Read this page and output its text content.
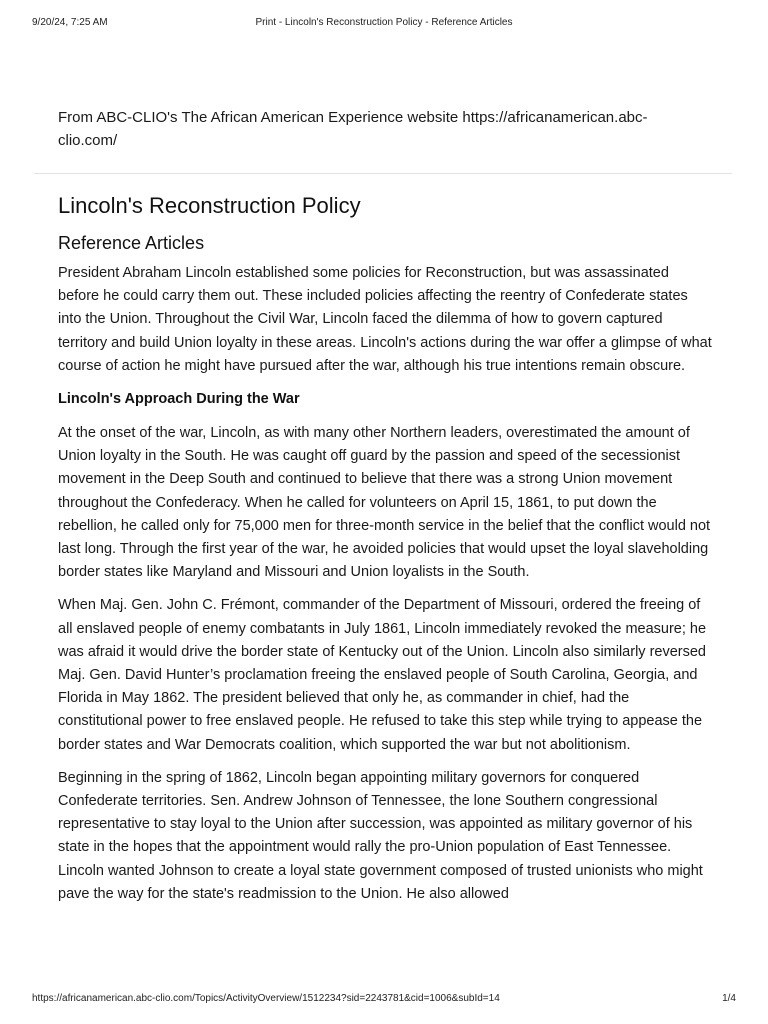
9/20/24, 7:25 AM	Print - Lincoln's Reconstruction Policy - Reference Articles
From ABC-CLIO's The African American Experience website https://africanamerican.abc-clio.com/
Lincoln's Reconstruction Policy
Reference Articles

President Abraham Lincoln established some policies for Reconstruction, but was assassinated before he could carry them out. These included policies affecting the reentry of Confederate states into the Union. Throughout the Civil War, Lincoln faced the dilemma of how to govern captured territory and build Union loyalty in these areas. Lincoln's actions during the war offer a glimpse of what course of action he might have pursued after the war, although his true intentions remain obscure.

Lincoln's Approach During the War

At the onset of the war, Lincoln, as with many other Northern leaders, overestimated the amount of Union loyalty in the South. He was caught off guard by the passion and speed of the secessionist movement in the Deep South and continued to believe that there was a strong Union movement throughout the Confederacy. When he called for volunteers on April 15, 1861, to put down the rebellion, he called only for 75,000 men for three-month service in the belief that the conflict would not last long. Through the first year of the war, he avoided policies that would upset the loyal slaveholding border states like Maryland and Missouri and Union loyalists in the South.

When Maj. Gen. John C. Frémont, commander of the Department of Missouri, ordered the freeing of all enslaved people of enemy combatants in July 1861, Lincoln immediately revoked the measure; he was afraid it would drive the border state of Kentucky out of the Union. Lincoln also similarly reversed Maj. Gen. David Hunter’s proclamation freeing the enslaved people of South Carolina, Georgia, and Florida in May 1862. The president believed that only he, as commander in chief, had the constitutional power to free enslaved people. He refused to take this step while trying to appease the border states and War Democrats coalition, which supported the war but not abolitionism.

Beginning in the spring of 1862, Lincoln began appointing military governors for conquered Confederate territories. Sen. Andrew Johnson of Tennessee, the lone Southern congressional representative to stay loyal to the Union after succession, was appointed as military governor of his state in the hopes that the appointment would rally the pro-Union population of East Tennessee. Lincoln wanted Johnson to create a loyal state government composed of trusted unionists who might pave the way for the state's readmission to the Union. He also allowed

https://africanamerican.abc-clio.com/Topics/ActivityOverview/1512234?sid=2243781&cid=1006&subId=14	1/4
